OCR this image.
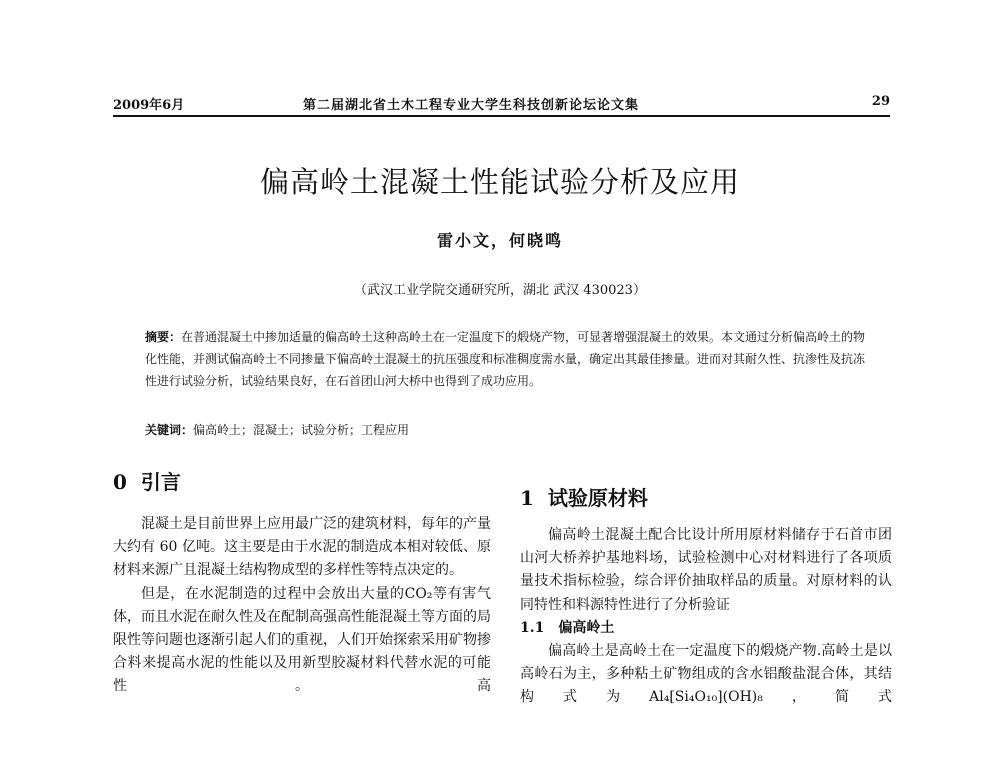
2009年6月	第二届湖北省土木工程专业大学生科技创新论坛论文集	29
偏高岭土混凝土性能试验分析及应用
雷小文，何晓鸣
（武汉工业学院交通研究所，湖北 武汉 430023）
摘要：在普通混凝土中掺加适量的偏高岭土这种高岭土在一定温度下的煅烧产物，可显著增强混凝土的效果。本文通过分析偏高岭土的物化性能，并测试偏高岭土不同掺量下偏高岭土混凝土的抗压强度和标准稠度需水量，确定出其最佳掺量。进而对其耐久性、抗渗性及抗冻性进行试验分析，试验结果良好，在石首团山河大桥中也得到了成功应用。
关键词：偏高岭土；混凝土；试验分析；工程应用
0 引言

混凝土是目前世界上应用最广泛的建筑材料，每年的产量大约有 60 亿吨。这主要是由于水泥的制造成本相对较低、原材料来源广且混凝土结构物成型的多样性等特点决定的。

但是，在水泥制造的过程中会放出大量的CO₂等有害气体，而且水泥在耐久性及在配制高强高性能混凝土等方面的局限性等问题也逐渐引起人们的重视，人们开始探索采用矿物掺合料来提高水泥的性能以及用新型胶凝材料代替水泥的可能性。高

1 试验原材料

偏高岭土混凝土配合比设计所用原材料储存于石首市团山河大桥养护基地料场，试验检测中心对材料进行了各项质量技术指标检验，综合评价抽取样品的质量。对原材料的认同特性和料源特性进行了分析验证

1.1 偏高岭土

偏高岭土是高岭土在一定温度下的煅烧产物.高岭土是以高岭石为主，多种粘土矿物组成的含水铝酸盐混合体，其结构式为Al₄[Si₄O₁₀](OH)₈，简式
